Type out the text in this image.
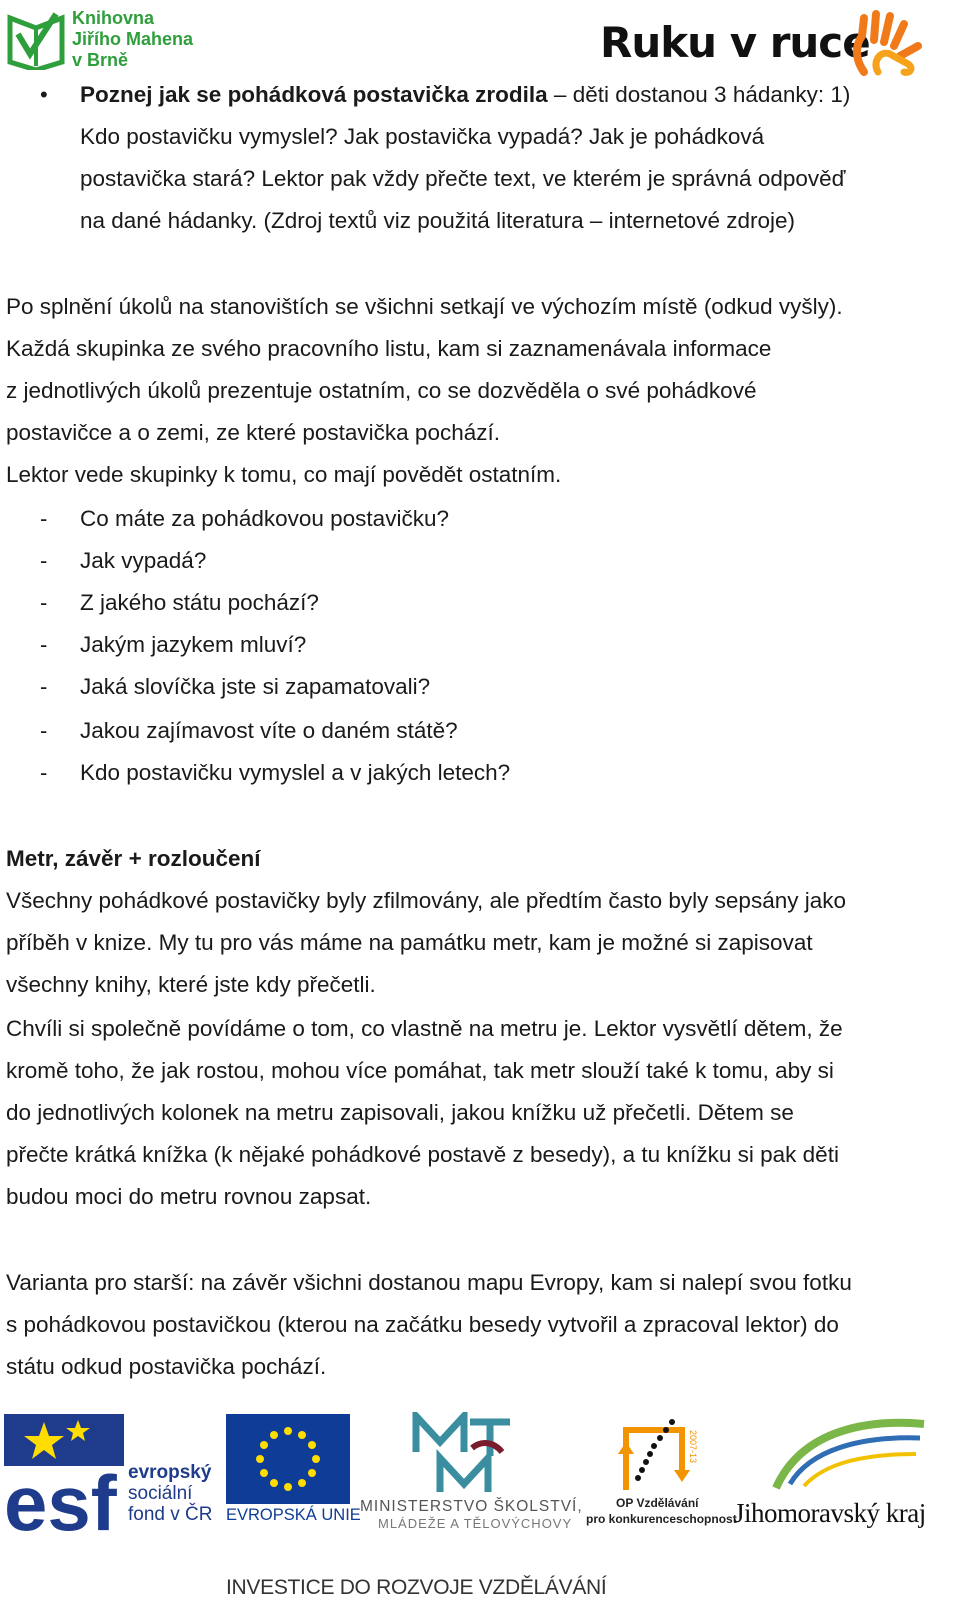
Knihovna
Jiřího Mahena
v Brně	Ruku v ruce
• Poznej jak se pohádková postavička zrodila – děti dostanou 3 hádanky: 1)
Kdo postavičku vymyslel? Jak postavička vypadá? Jak je pohádková
postavička stará? Lektor pak vždy přečte text, ve kterém je správná odpověď
na dané hádanky. (Zdroj textů viz použitá literatura – internetové zdroje)
Po splnění úkolů na stanovištích se všichni setkají ve výchozím místě (odkud vyšly).
Každá skupinka ze svého pracovního listu, kam si zaznamenávala informace
z jednotlivých úkolů prezentuje ostatním, co se dozvěděla o své pohádkové
postavičce a o zemi, ze které postavička pochází.
Lektor vede skupinky k tomu, co mají povědět ostatním.
- Co máte za pohádkovou postavičku?
- Jak vypadá?
- Z jakého státu pochází?
- Jakým jazykem mluví?
- Jaká slovíčka jste si zapamatovali?
- Jakou zajímavost víte o daném státě?
- Kdo postavičku vymyslel a v jakých letech?
Metr, závěr + rozloučení
Všechny pohádkové postavičky byly zfilmovány, ale předtím často byly sepsány jako
příběh v knize. My tu pro vás máme na památku metr, kam je možné si zapisovat
všechny knihy, které jste kdy přečetli.
Chvíli si společně povídáme o tom, co vlastně na metru je. Lektor vysvětlí dětem, že
kromě toho, že jak rostou, mohou více pomáhat, tak metr slouží také k tomu, aby si
do jednotlivých kolonek na metru zapisovali, jakou knížku už přečetli. Dětem se
přečte krátká knížka (k nějaké pohádkové postavě z besedy), a tu knížku si pak děti
budou moci do metru rovnou zapsat.
Varianta pro starší: na závěr všichni dostanou mapu Evropy, kam si nalepí svou fotku
s pohádkovou postavičkou (kterou na začátku besedy vytvořil a zpracoval lektor) do
státu odkud postavička pochází.
esf evropský
sociální
fond v ČR EVROPSKÁ UNIE MINISTERSTVO ŠKOLSTVÍ,
MLÁDEŽE A TĚLOVÝCHOVY
2007-13
OP Vzdělávání
pro konkurenceschopnost
Jihomoravský kraj
INVESTICE DO ROZVOJE VZDĚLÁVÁNÍ
